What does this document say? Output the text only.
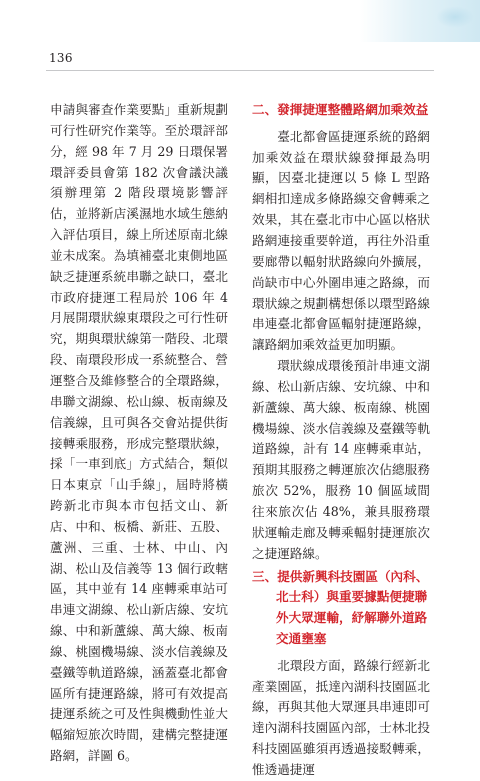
136

申請與審查作業要點」重新規劃可行性研究作業等。至於環評部分，經 98 年 7 月 29 日環保署環評委員會第 182 次會議決議須辦理第 2 階段環境影響評估，並將新店溪濕地水域生態納入評估項目，線上所述原南北線並未成案。為填補臺北東側地區缺乏捷運系統串聯之缺口，臺北市政府捷運工程局於 106 年 4 月展開環狀線東環段之可行性研究，期與環狀線第一階段、北環段、南環段形成一系統整合、營運整合及維修整合的全環路線，串聯文湖線、松山線、板南線及信義線，且可與各交會站提供街接轉乘服務，形成完整環狀線，採「一車到底」方式結合，類似日本東京「山手線」，屆時將橫跨新北市與本市包括文山、新店、中和、板橋、新莊、五股、蘆洲、三重、士林、中山、內湖、松山及信義等 13 個行政轄區，其中並有 14 座轉乘車站可串連文湖線、松山新店線、安坑線、中和新蘆線、萬大線、板南線、桃園機場線、淡水信義線及臺鐵等軌道路線，涵蓋臺北都會區所有捷運路線，將可有效提高捷運系統之可及性與機動性並大幅縮短旅次時間，建構完整捷運路網，詳圖 6。

二、發揮捷運整體路網加乘效益

臺北都會區捷運系統的路網加乘效益在環狀線發揮最為明顯，因臺北捷運以 5 條 L 型路網相扣達成多條路線交會轉乘之效果，其在臺北市中心區以格狀路網連接重要幹道，再往外沿重要廊帶以輻射狀路線向外擴展，尚缺市中心外圍串連之路線，而環狀線之規劃構想係以環型路線串連臺北都會區輻射捷運路線，讓路網加乘效益更加明顯。

環狀線成環後預計串連文湖線、松山新店線、安坑線、中和新蘆線、萬大線、板南線、桃園機場線、淡水信義線及臺鐵等軌道路線，計有 14 座轉乘車站，預期其服務之轉運旅次佔總服務旅次 52%，服務 10 個區域間往來旅次佔 48%，兼具服務環狀運輸走廊及轉乘輻射捷運旅次之捷運路線。

三、提供新興科技園區（內科、北士科）與重要據點便捷聯外大眾運輸，紓解聯外道路交通壅塞

北環段方面，路線行經新北產業園區，抵達內湖科技園區北線，再與其他大眾運具串連即可達內湖科技園區內部，士林北投科技園區雖須再透過接駁轉乘，惟透過捷運
